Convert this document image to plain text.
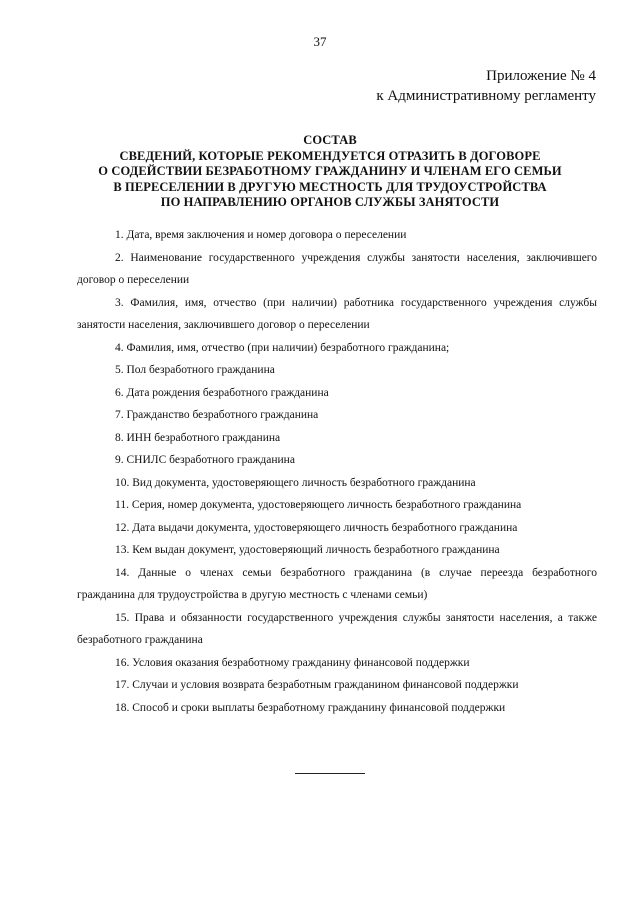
37
Приложение № 4
к Административному регламенту
СОСТАВ
СВЕДЕНИЙ, КОТОРЫЕ РЕКОМЕНДУЕТСЯ ОТРАЗИТЬ В ДОГОВОРЕ
О СОДЕЙСТВИИ БЕЗРАБОТНОМУ ГРАЖДАНИНУ И ЧЛЕНАМ ЕГО СЕМЬИ
В ПЕРЕСЕЛЕНИИ В ДРУГУЮ МЕСТНОСТЬ ДЛЯ ТРУДОУСТРОЙСТВА
ПО НАПРАВЛЕНИЮ ОРГАНОВ СЛУЖБЫ ЗАНЯТОСТИ

1. Дата, время заключения и номер договора о переселении

2. Наименование государственного учреждения службы занятости населения, заключившего договор о переселении

3. Фамилия, имя, отчество (при наличии) работника государственного учреждения службы занятости населения, заключившего договор о переселении

4. Фамилия, имя, отчество (при наличии) безработного гражданина;

5. Пол безработного гражданина

6. Дата рождения безработного гражданина

7. Гражданство безработного гражданина

8. ИНН безработного гражданина

9. СНИЛС безработного гражданина

10. Вид документа, удостоверяющего личность безработного гражданина

11. Серия, номер документа, удостоверяющего личность безработного гражданина

12. Дата выдачи документа, удостоверяющего личность безработного гражданина

13. Кем выдан документ, удостоверяющий личность безработного гражданина

14. Данные о членах семьи безработного гражданина (в случае переезда безработного гражданина для трудоустройства в другую местность с членами семьи)

15. Права и обязанности государственного учреждения службы занятости населения, а также безработного гражданина

16. Условия оказания безработному гражданину финансовой поддержки

17. Случаи и условия возврата безработным гражданином финансовой поддержки

18. Способ и сроки выплаты безработному гражданину финансовой поддержки
